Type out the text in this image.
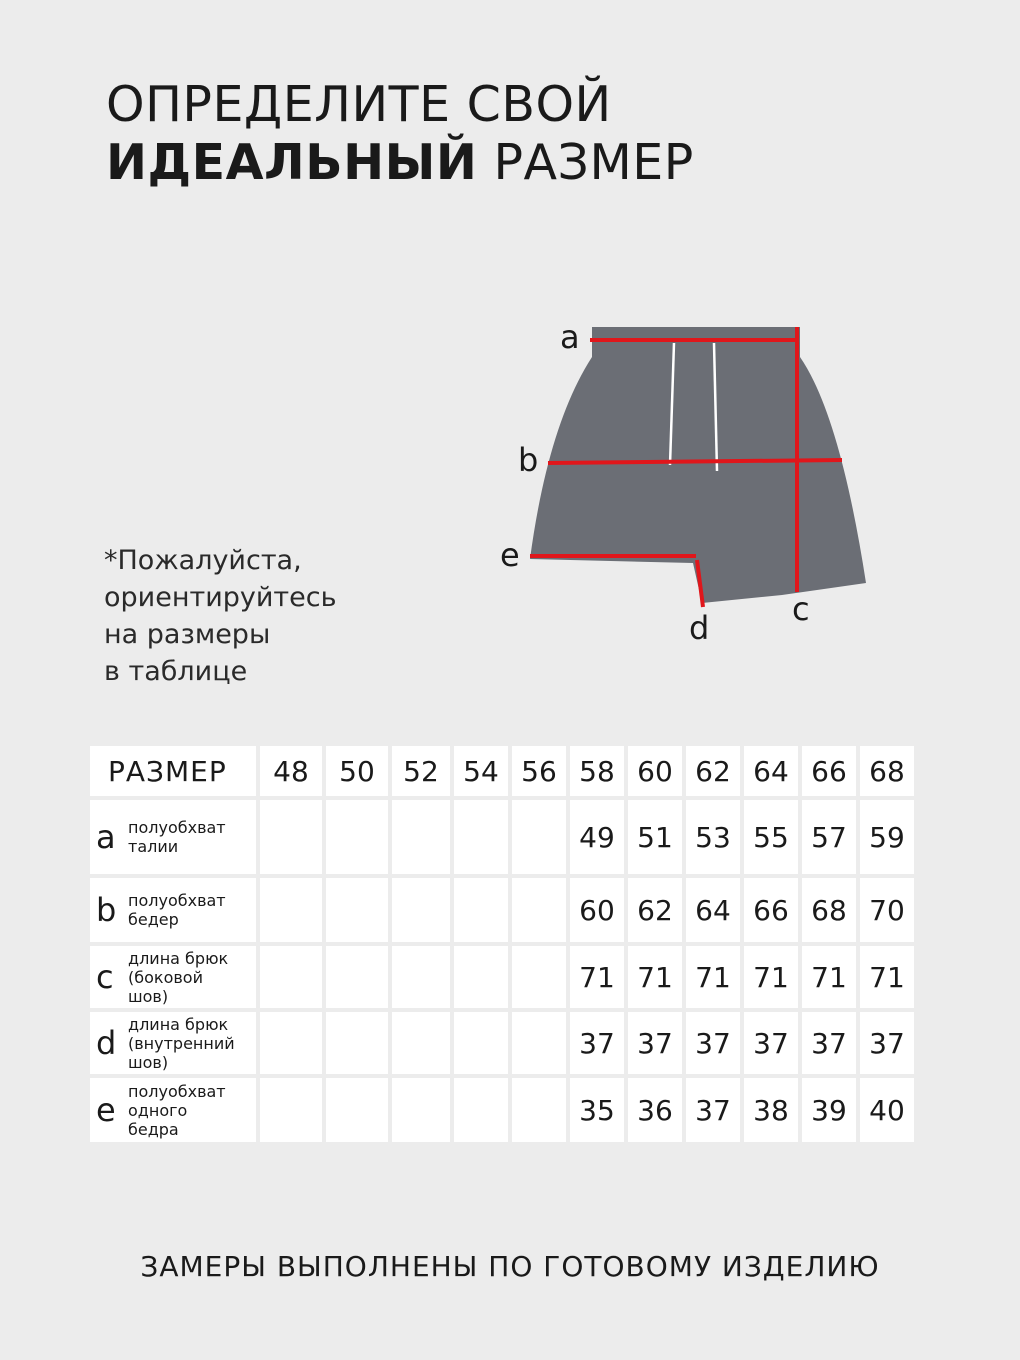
ОПРЕДЕЛИТЕ СВОЙ
ИДЕАЛЬНЫЙ РАЗМЕР
*Пожалуйста,
ориентируйтесь
на размеры
в таблице
a
b
c
d
e
РАЗМЕР	48	50	52	54	56	58	60	62	64	66	68

a полуобхват
талии						49	51	53	55	57	59

b полуобхват
бедер						60	62	64	66	68	70

c длина брюк
(боковой
шов)						71	71	71	71	71	71

d длина брюк
(внутренний
шов)						37	37	37	37	37	37

e полуобхват
одного
бедра						35	36	37	38	39	40
ЗАМЕРЫ ВЫПОЛНЕНЫ ПО ГОТОВОМУ ИЗДЕЛИЮ
